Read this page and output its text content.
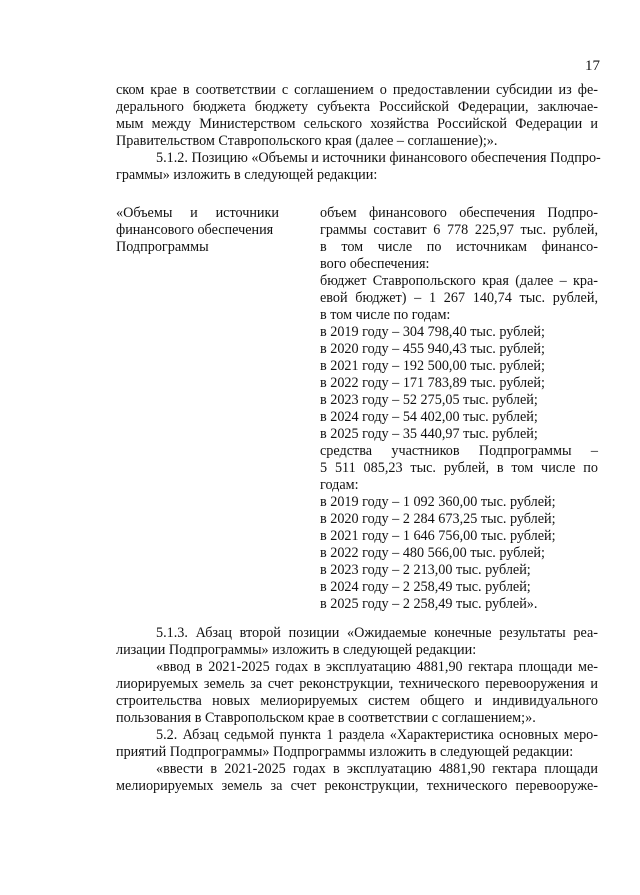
17
ском крае в соответствии с соглашением о предоставлении субсидии из фе-
дерального бюджета бюджету субъекта Российской Федерации, заключае-
мым между Министерством сельского хозяйства Российской Федерации и
Правительством Ставропольского края (далее – соглашение);».
5.1.2. Позицию «Объемы и источники финансового обеспечения Подпро-
граммы» изложить в следующей редакции:
«Объемы и источники
финансового обеспечения
Подпрограммы
объем финансового обеспечения Подпро-
граммы составит 6 778 225,97 тыс. рублей,
в том числе по источникам финансо-
вого обеспечения:
бюджет Ставропольского края (далее – кра-
евой бюджет) – 1 267 140,74 тыс. рублей,
в том числе по годам:
в 2019 году – 304 798,40 тыс. рублей;
в 2020 году – 455 940,43 тыс. рублей;
в 2021 году – 192 500,00 тыс. рублей;
в 2022 году – 171 783,89 тыс. рублей;
в 2023 году – 52 275,05 тыс. рублей;
в 2024 году – 54 402,00 тыс. рублей;
в 2025 году – 35 440,97 тыс. рублей;
средства участников Подпрограммы –
5 511 085,23 тыс. рублей, в том числе по
годам:
в 2019 году – 1 092 360,00 тыс. рублей;
в 2020 году – 2 284 673,25 тыс. рублей;
в 2021 году – 1 646 756,00 тыс. рублей;
в 2022 году – 480 566,00 тыс. рублей;
в 2023 году – 2 213,00 тыс. рублей;
в 2024 году – 2 258,49 тыс. рублей;
в 2025 году – 2 258,49 тыс. рублей».
5.1.3. Абзац второй позиции «Ожидаемые конечные результаты реа-
лизации Подпрограммы» изложить в следующей редакции:
«ввод в 2021-2025 годах в эксплуатацию 4881,90 гектара площади ме-
лиорируемых земель за счет реконструкции, технического перевооружения и
строительства новых мелиорируемых систем общего и индивидуального
пользования в Ставропольском крае в соответствии с соглашением;».
5.2. Абзац седьмой пункта 1 раздела «Характеристика основных меро-
приятий Подпрограммы» Подпрограммы изложить в следующей редакции:
«ввести в 2021-2025 годах в эксплуатацию 4881,90 гектара площади
мелиорируемых земель за счет реконструкции, технического перевооруже-
